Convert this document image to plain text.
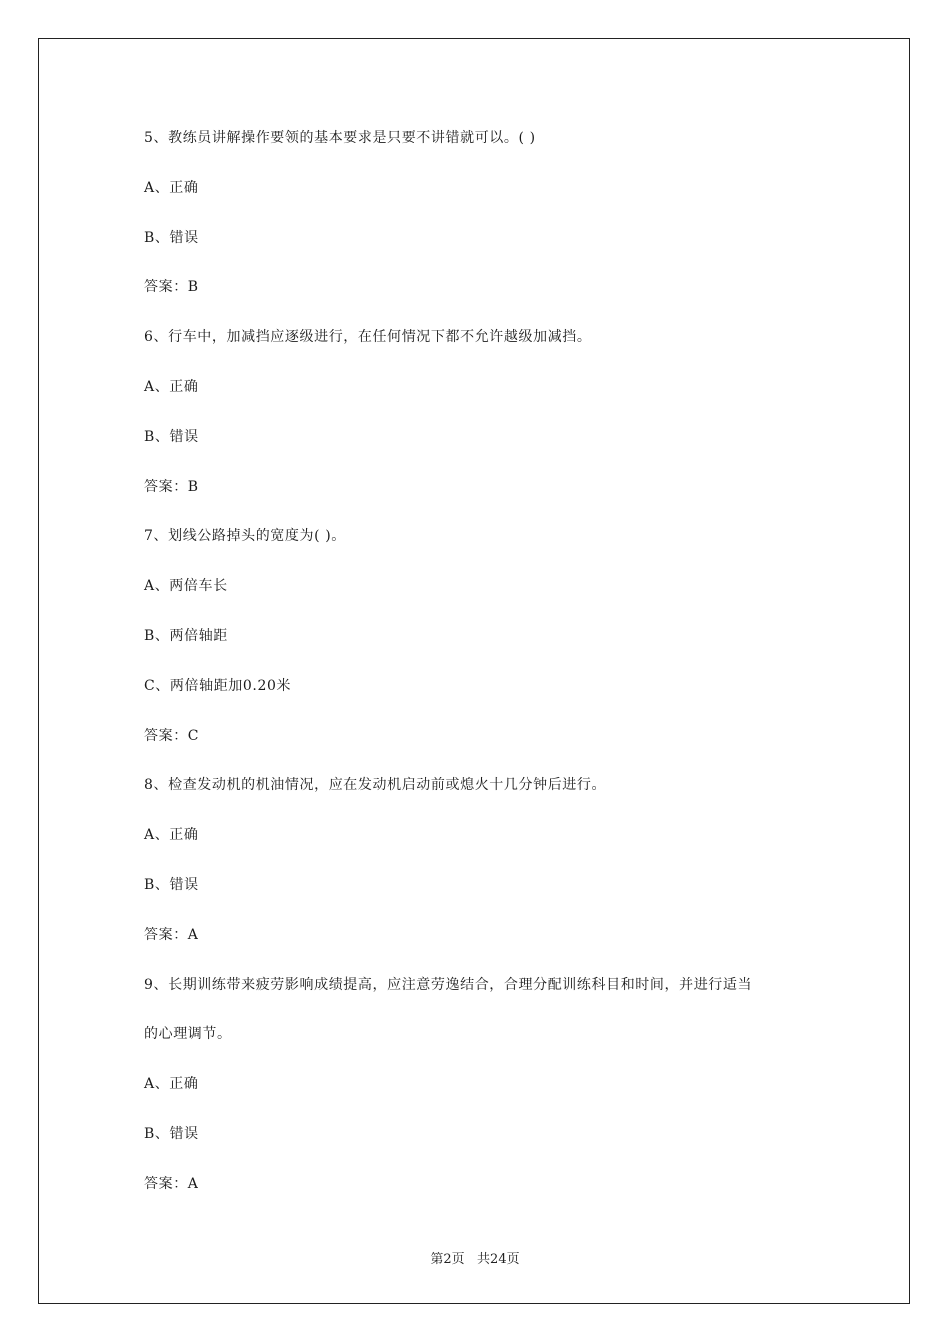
5、教练员讲解操作要领的基本要求是只要不讲错就可以。( )
A、正确
B、错误
答案：B
6、行车中，加减挡应逐级进行，在任何情况下都不允许越级加减挡。
A、正确
B、错误
答案：B
7、划线公路掉头的宽度为( )。
A、两倍车长
B、两倍轴距
C、两倍轴距加0.20米
答案：C
8、检查发动机的机油情况，应在发动机启动前或熄火十几分钟后进行。
A、正确
B、错误
答案：A
9、长期训练带来疲劳影响成绩提高，应注意劳逸结合，合理分配训练科目和时间，并进行适当
的心理调节。
A、正确
B、错误
答案：A
第2页   共24页
